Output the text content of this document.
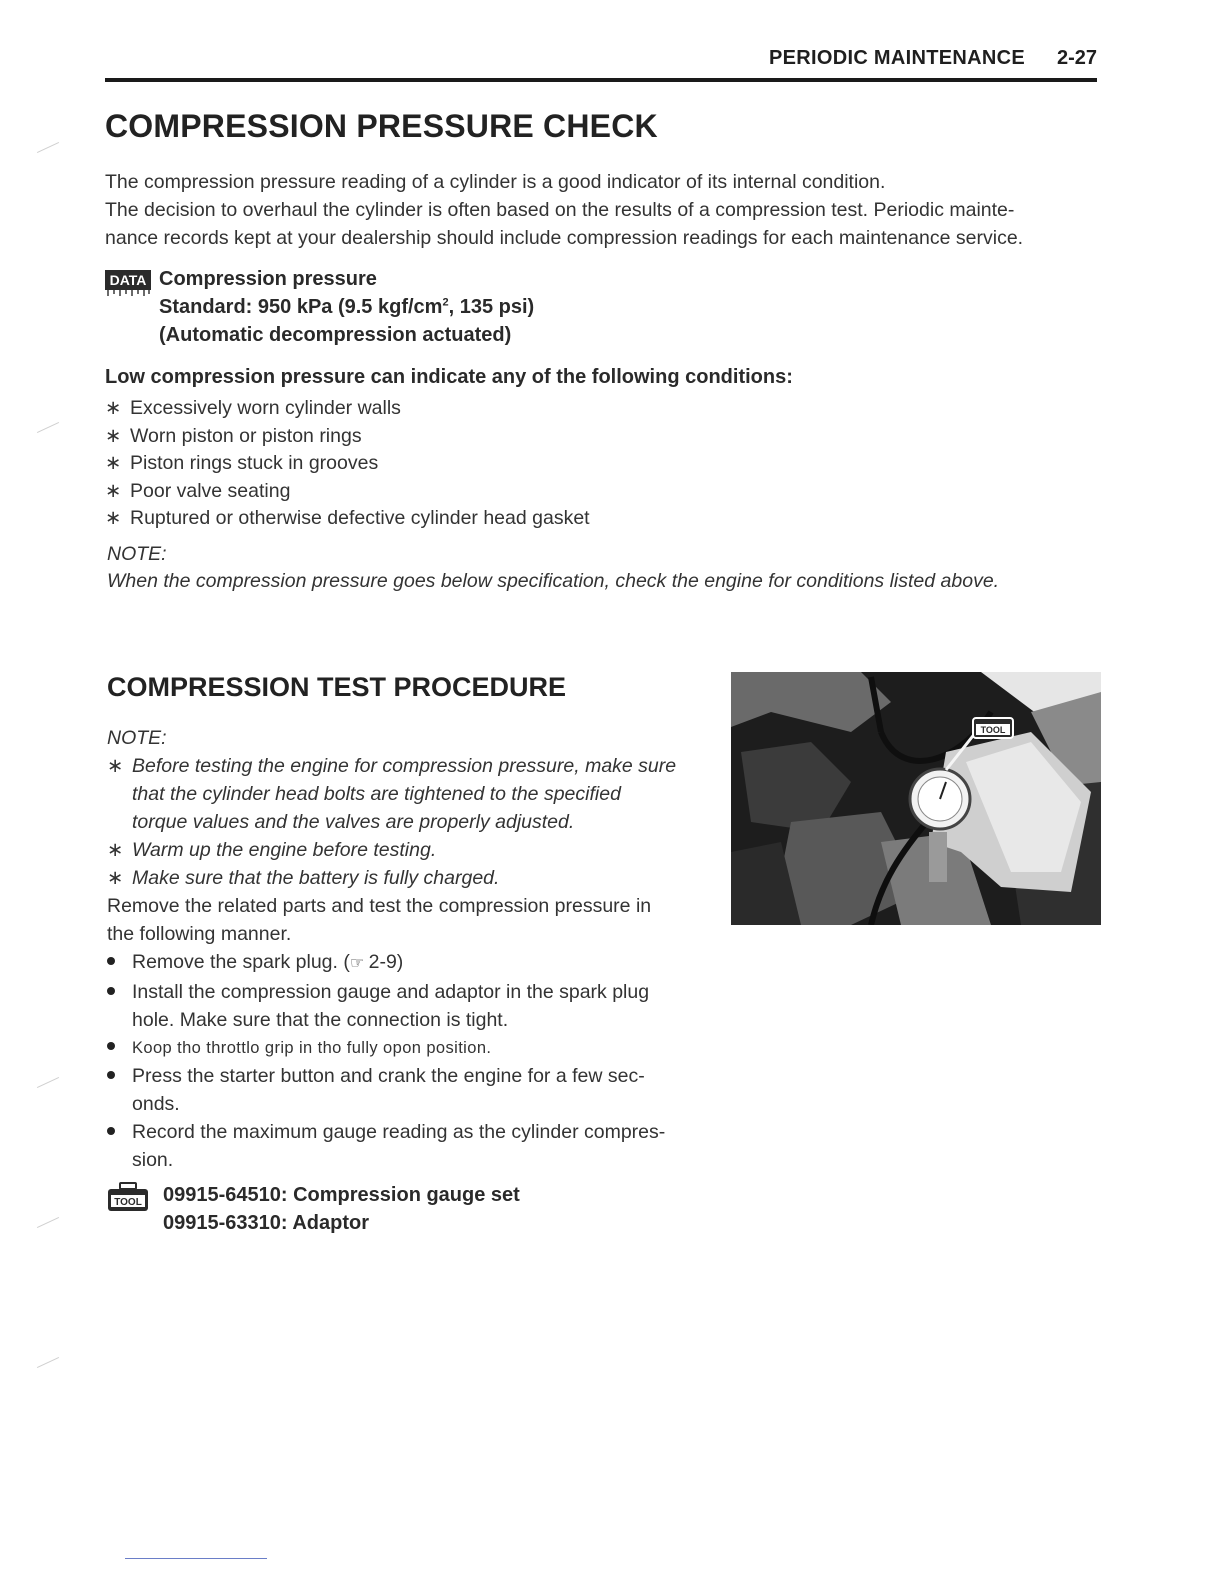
PERIODIC MAINTENANCE 2-27
COMPRESSION PRESSURE CHECK

The compression pressure reading of a cylinder is a good indicator of its internal condition.

The decision to overhaul the cylinder is often based on the results of a compression test. Periodic mainte-

nance records kept at your dealership should include compression readings for each maintenance service.

DATA Compression pressure
Standard: 950 kPa (9.5 kgf/$cm^2$, 135 psi)
(Automatic decompression actuated)

Low compression pressure can indicate any of the following conditions:

∗ Excessively worn cylinder walls
∗ Worn piston or piston rings
∗ Piston rings stuck in grooves
∗ Poor valve seating
∗ Ruptured or otherwise defective cylinder head gasket
NOTE:
When the compression pressure goes below specification, check the engine for conditions listed above.
COMPRESSION TEST PROCEDURE
NOTE:
∗ Before testing the engine for compression pressure, make sure
that the cylinder head bolts are tightened to the specified
torque values and the valves are properly adjusted.
∗ Warm up the engine before testing.
∗ Make sure that the battery is fully charged.
Remove the related parts and test the compression pressure in
the following manner.
Remove the spark plug. (☞ 2-9)
Install the compression gauge and adaptor in the spark plug
hole. Make sure that the connection is tight.
Koop tho throttlo grip in tho fully opon position.
Press the starter button and crank the engine for a few sec-
onds.
Record the maximum gauge reading as the cylinder compres-
sion.
TOOL 09915-64510: Compression gauge set
09915-63310: Adaptor
TOOL
